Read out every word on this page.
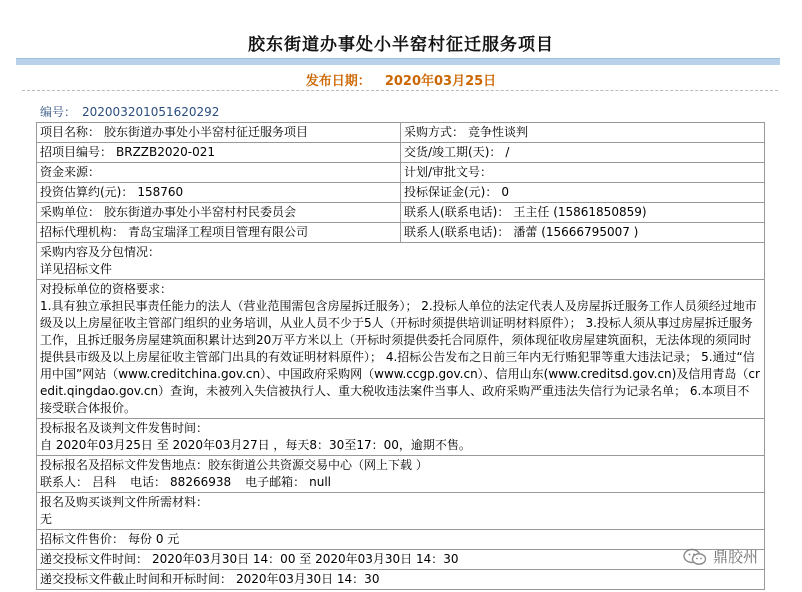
胶东街道办事处小半窑村征迁服务项目
发布日期： 2020年03月25日
编号： 20200320105162029​2
项目名称： 胶东街道办事处小半窑村征迁服务项目	采购方式： 竞争性谈判
招项目编号： BRZZB2020-021	交货/竣工期(天)： /
资金来源：	计划/审批文号：
投资估算约(元)： 158760	投标保证金(元)： 0
采购单位： 胶东街道办事处小半窑村村民委员会	联系人(联系电话)： 王主任 (15861850859)
招标代理机构： 青岛宝瑞泽工程项目管理有限公司	联系人(联系电话)： 潘蕾 (15666795007 )

采购内容及分包情况：
详见招标文件	

对投标单位的资格要求：
1.具有独立承担民事责任能力的法人（营业范围需包含房屋拆迁服务）； 2.投标人单位的法定代表人及房屋拆迁服务工作人员须经过地市级及以上房屋征收主管部门组织的业务培训，从业人员不少于5人（开标时须提供培训证明材料原件）； 3.投标人须从事过房屋拆迁服务工作，且拆迁服务房屋建筑面积累计达到20万平方米以上（开标时须提供委托合同原件，须体现征收房屋建筑面积，无法体现的须同时提供县市级及以上房屋征收主管部门出具的有效证明材料原件）； 4.招标公告发布之日前三年内无行贿犯罪等重大违法记录； 5.通过“信用中国”网站（www.creditchina.gov.cn）、中国政府采购网（www.ccgp.gov.cn）、信用山东(www.creditsd.gov.cn)及信用青岛（credit.qingdao.gov.cn）查询，未被列入失信被执行人、重大税收违法案件当事人、政府采购严重违法失信行为记录名单； 6.本项目不接受联合体报价。	

投标报名及谈判文件发售时间：
自 2020年03月25日 至 2020年03月27日 ，每天8：30至17：00，逾期不售。	

投标报名及招标文件发售地点：胶东街道公共资源交易中心（网上下载 ）
联系人： 吕科 电话： 88266938 电子邮箱： null	

报名及购买谈判文件所需材料：
无	

招标文件售价： 每份 0 元	
递交投标文件时间： 2020年03月30日 14：00 至 2020年03月30日 14：30	
递交投标文件截止时间和开标时间： 2020年03月30日 14：30	
鼎胶州
